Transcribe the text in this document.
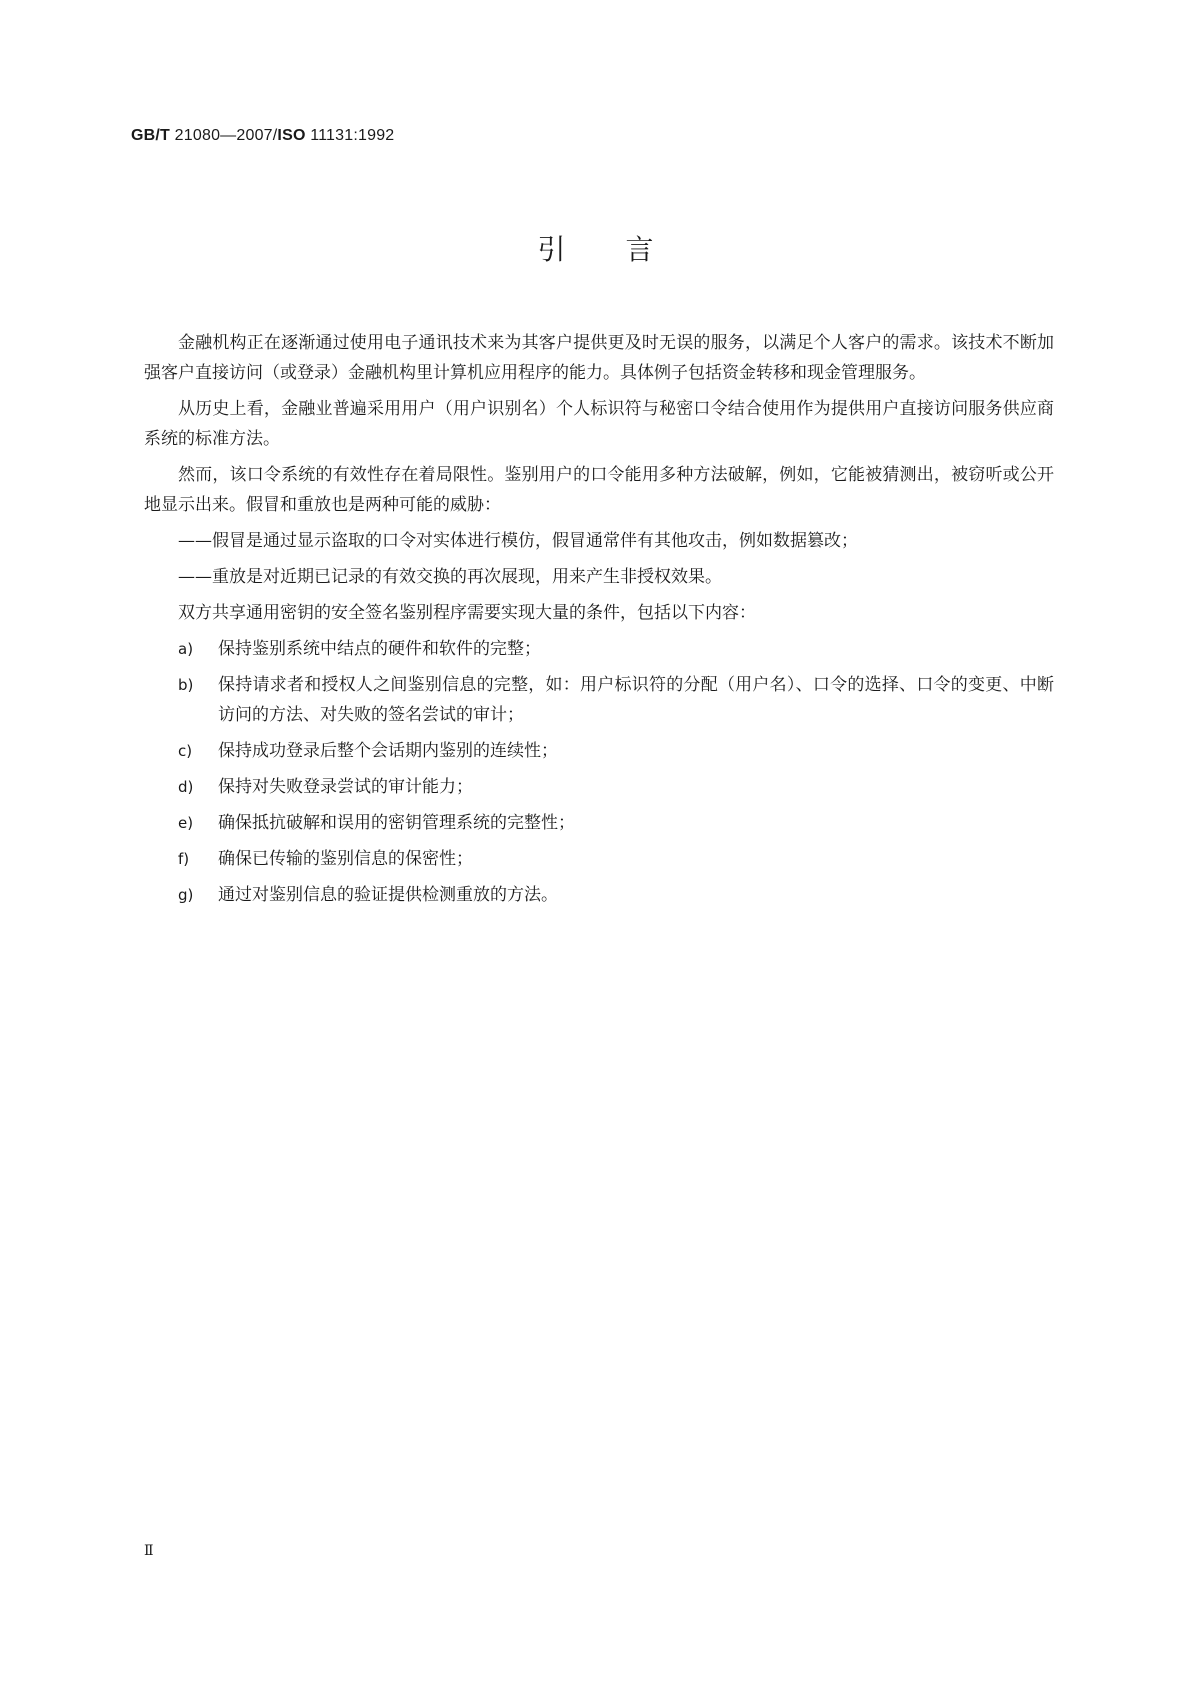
GB/T 21080—2007/ISO 11131:1992
引言

金融机构正在逐渐通过使用电子通讯技术来为其客户提供更及时无误的服务，以满足个人客户的需求。该技术不断加强客户直接访问（或登录）金融机构里计算机应用程序的能力。具体例子包括资金转移和现金管理服务。

从历史上看，金融业普遍采用用户（用户识别名）个人标识符与秘密口令结合使用作为提供用户直接访问服务供应商系统的标准方法。

然而，该口令系统的有效性存在着局限性。鉴别用户的口令能用多种方法破解，例如，它能被猜测出，被窃听或公开地显示出来。假冒和重放也是两种可能的威胁：

——假冒是通过显示盗取的口令对实体进行模仿，假冒通常伴有其他攻击，例如数据篡改；

——重放是对近期已记录的有效交换的再次展现，用来产生非授权效果。

双方共享通用密钥的安全签名鉴别程序需要实现大量的条件，包括以下内容：

a)	保持鉴别系统中结点的硬件和软件的完整；
b)	保持请求者和授权人之间鉴别信息的完整，如：用户标识符的分配（用户名）、口令的选择、口令的变更、中断访问的方法、对失败的签名尝试的审计；
c)	保持成功登录后整个会话期内鉴别的连续性；
d)	保持对失败登录尝试的审计能力；
e)	确保抵抗破解和误用的密钥管理系统的完整性；
f)	确保已传输的鉴别信息的保密性；
g)	通过对鉴别信息的验证提供检测重放的方法。
Ⅱ
